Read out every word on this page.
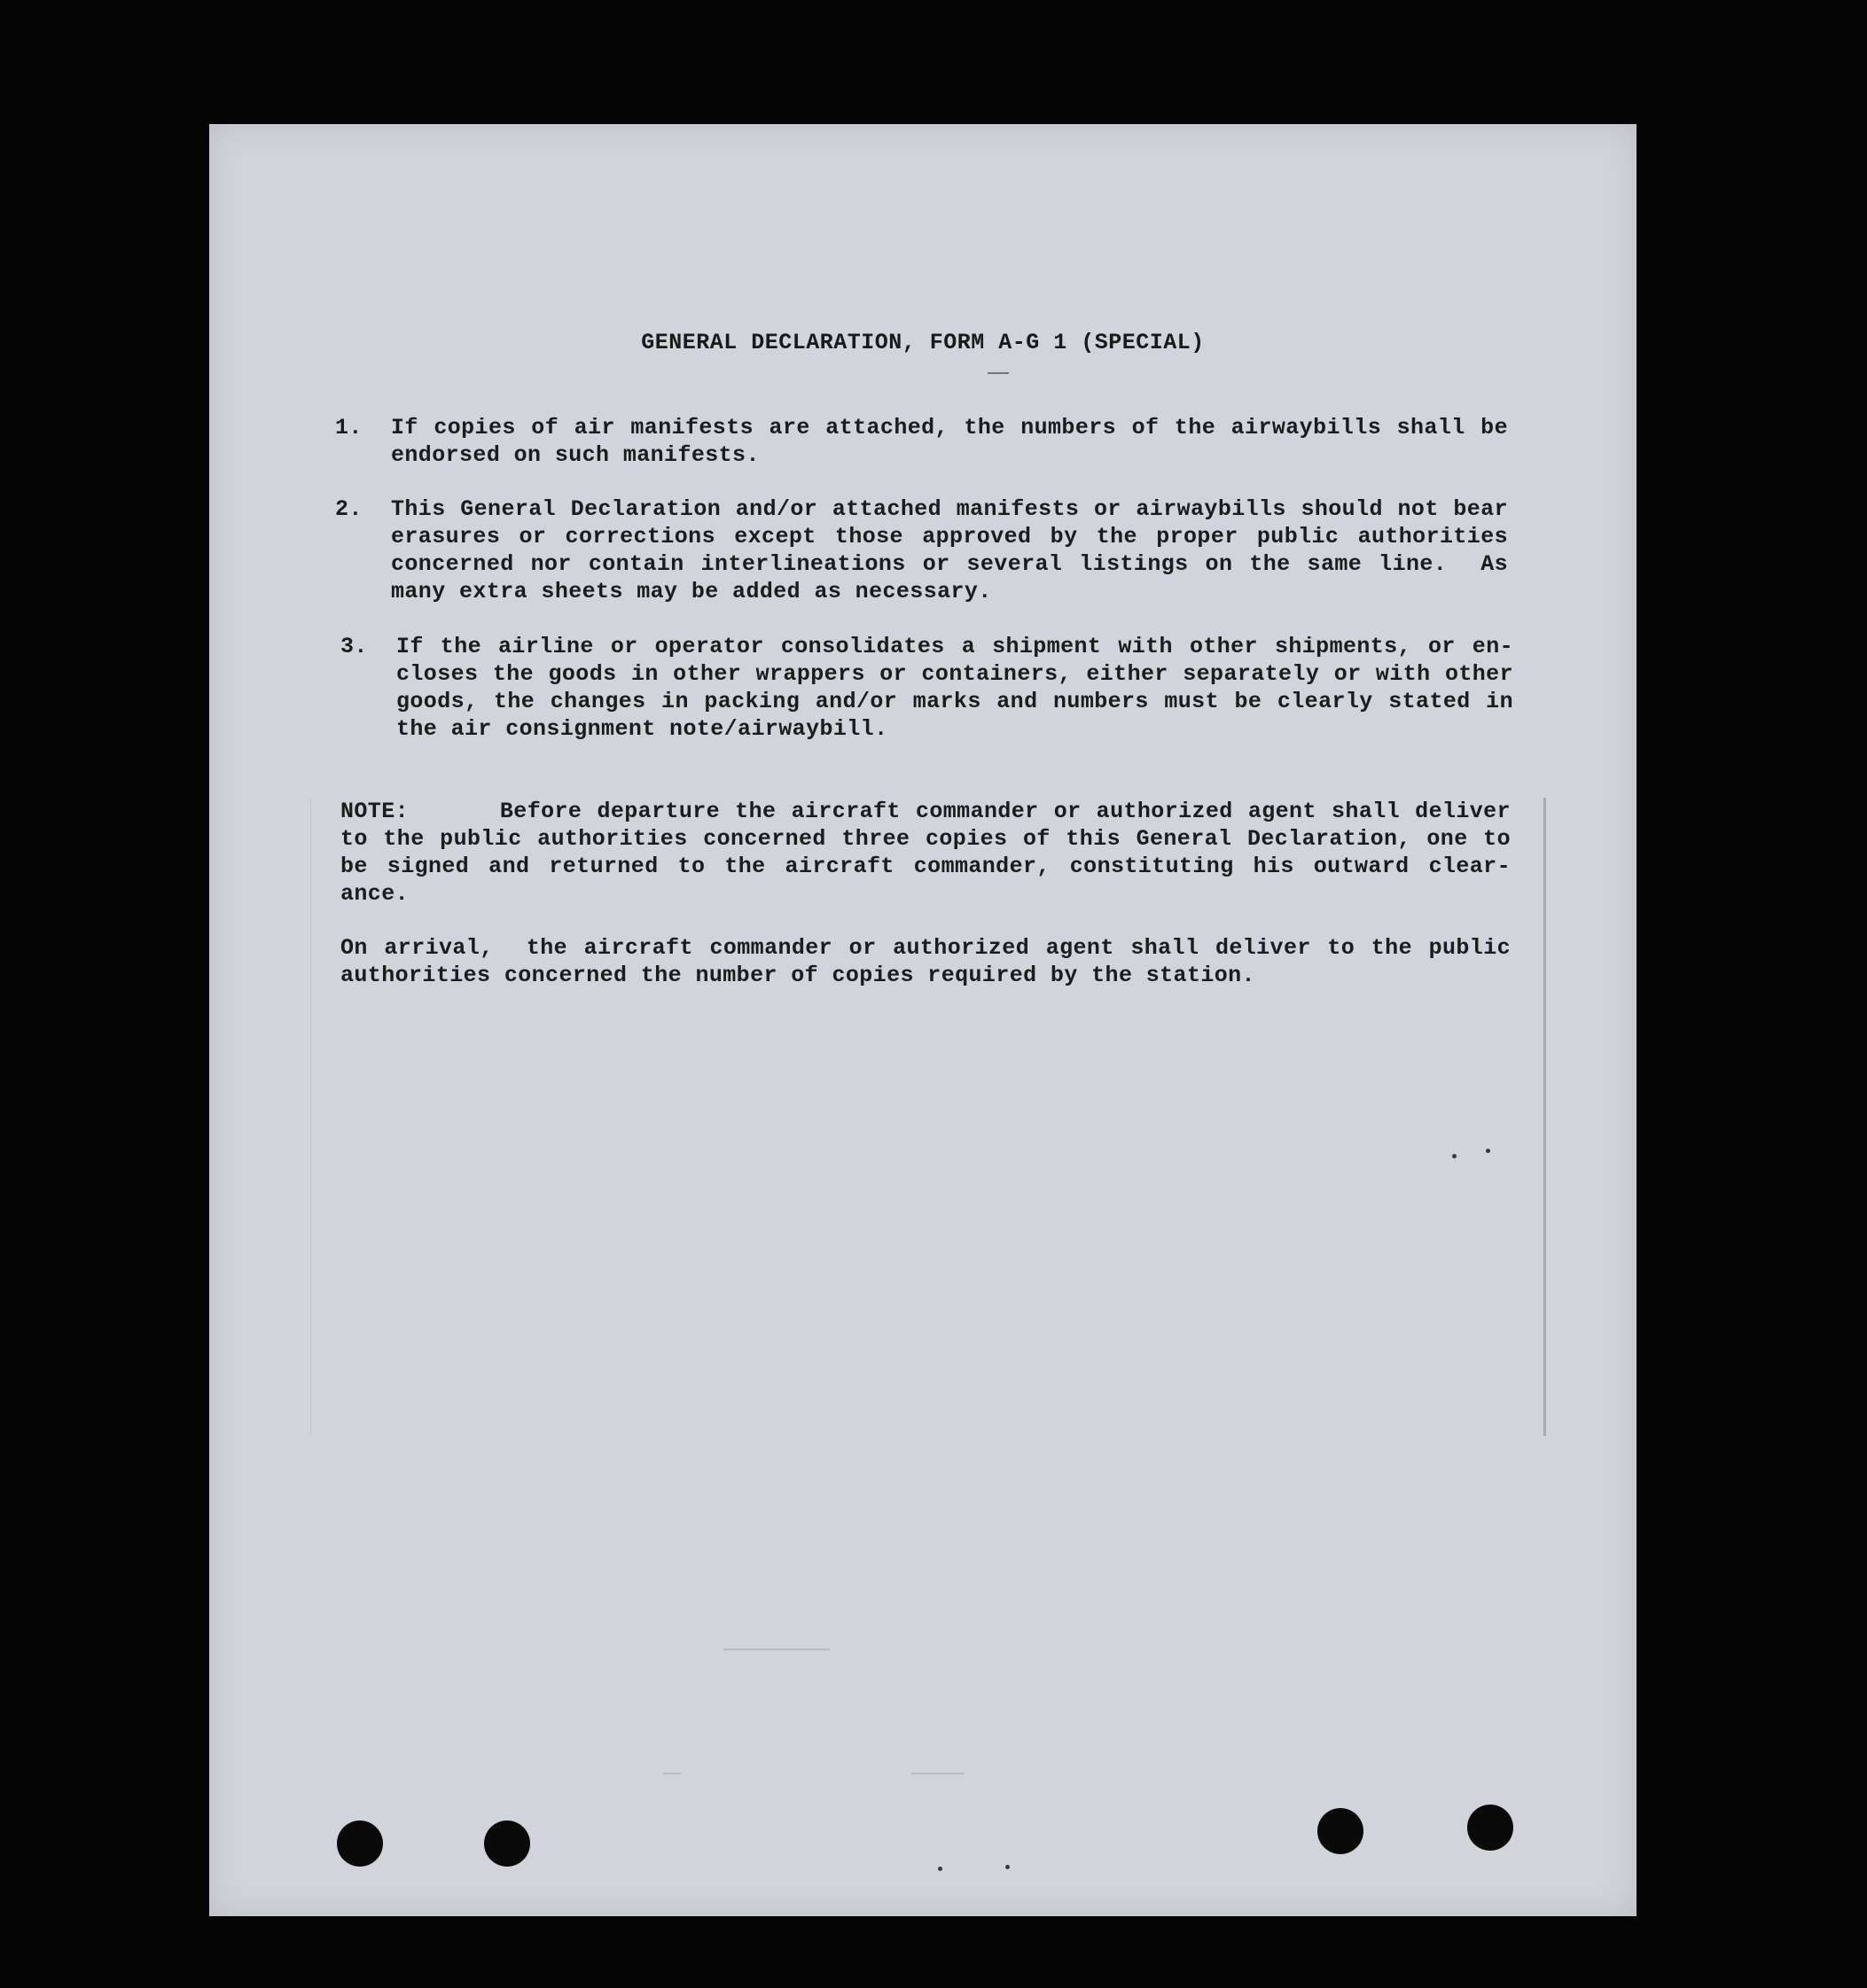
GENERAL DECLARATION, FORM A-G 1 (SPECIAL)
1.	If copies of air manifests are attached, the numbers of the airwaybills shall be
endorsed on such manifests.
2.	This General Declaration and/or attached manifests or airwaybills should not bear
erasures or corrections except those approved by the proper public authorities
concerned nor contain interlineations or several listings on the same line.  As
many extra sheets may be added as necessary.
3.	If the airline or operator consolidates a shipment with other shipments, or en-
closes the goods in other wrappers or containers, either separately or with other
goods, the changes in packing and/or marks and numbers must be clearly stated in
the air consignment note/airwaybill.
NOTE:      Before departure the aircraft commander or authorized agent shall deliver
to the public authorities concerned three copies of this General Declaration, one to
be signed and returned to the aircraft commander, constituting his outward clear-
ance.
On arrival,  the aircraft commander or authorized agent shall deliver to the public
authorities concerned the number of copies required by the station.
